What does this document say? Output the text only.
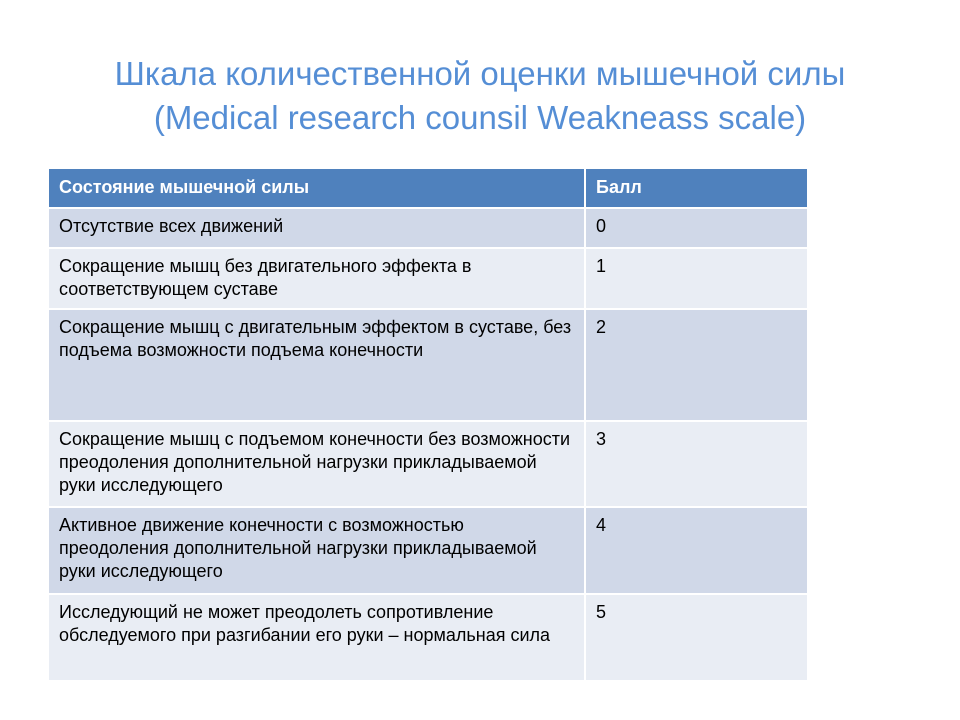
Шкала количественной оценки мышечной силы
(Medical research counsil Weakneass scale)
Состояние мышечной силы	Балл
Отсутствие всех движений	0
Сокращение мышц без двигательного эффекта в соответствующем суставе	1
Сокращение мышц с двигательным эффектом в суставе, без подъема возможности подъема конечности	2
Сокращение мышц с подъемом конечности без возможности преодоления дополнительной нагрузки прикладываемой руки исследующего	3
Активное движение конечности с возможностью преодоления дополнительной нагрузки прикладываемой руки исследующего	4
Исследующий не может преодолеть сопротивление обследуемого при разгибании его руки – нормальная сила	5
